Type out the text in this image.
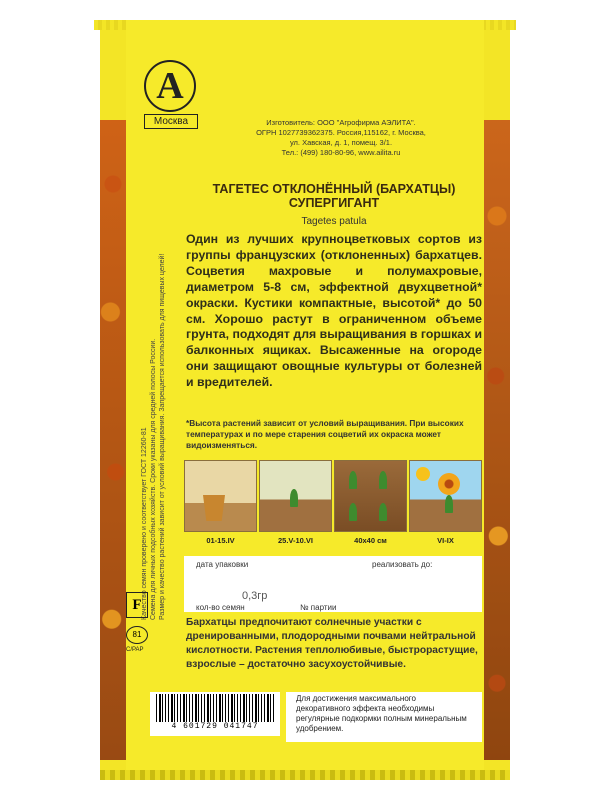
А
Москва	Изготовитель: ООО "Агрофирма АЭЛИТА".
ОГРН 1027739362375. Россия,115162, г. Москва,
ул. Хавская, д. 1, помещ. 3/1.
Тел.: (499) 180-80-96, www.ailita.ru

Качество семян проверено и соответствует ГОСТ 12260-81 Семена для личных подсобных хозяйств. Сроки указаны для средней полосы России. Размер и качество растений зависит от условий выращивания. Запрещается использовать для пищевых целей!

ТАГЕТЕС ОТКЛОНЁННЫЙ (БАРХАТЦЫ)
СУПЕРГИГАНТ
Tagetes patula
Один из лучших крупноцветковых сортов из группы французских (отклоненных) бархатцев. Соцветия махровые и полумахровые, диаметром 5-8 см, эффектной двухцветной* окраски. Кустики компактные, высотой* до 50 см. Хорошо растут в ограниченном объеме грунта, подходят для выращивания в горшках и балконных ящиках. Высаженные на огороде они защищают овощные культуры от болезней и вредителей.
*Высота растений зависит от условий выращивания. При высоких температурах и по мере старения соцветий их окраска может видоизменяться.
01-15.IV	25.V-10.VI	40x40 см	VI-IX
дата упаковки	реализовать до:
0,3гр
кол-во семян	№ партии
Бархатцы предпочитают солнечные участки с дренированными, плодородными почвами нейтральной кислотности. Растения теплолюбивые, быстрорастущие, взрослые – достаточно засухоустойчивые.
F
81
C/PAP
4 601729 041747
Для достижения максимального декоративного эффекта необходимы регулярные подкормки полным минеральным удобрением.
